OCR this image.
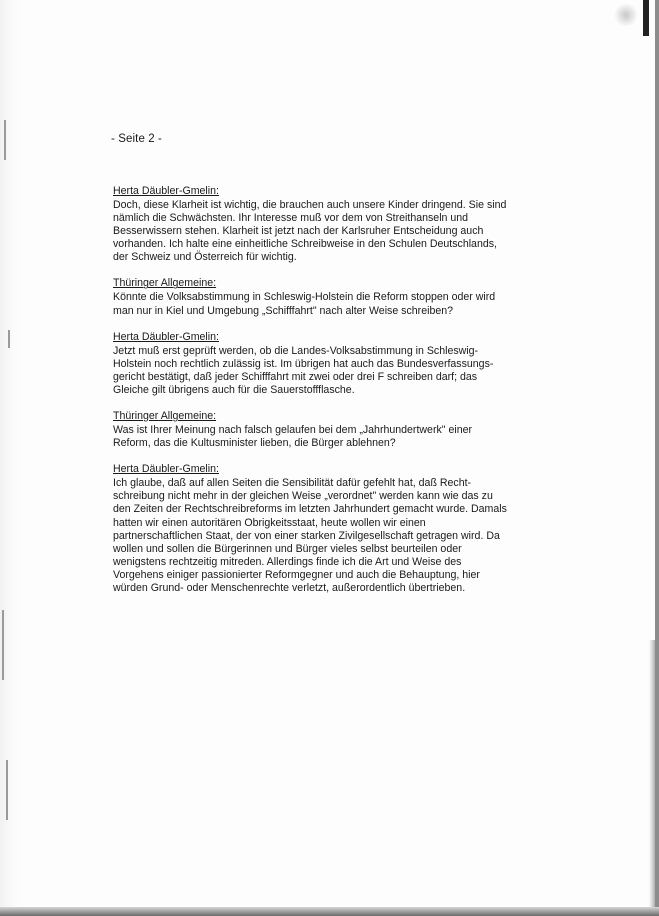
- Seite 2 -
Herta Däubler-Gmelin:
Doch, diese Klarheit ist wichtig, die brauchen auch unsere Kinder dringend. Sie sind
nämlich die Schwächsten. Ihr Interesse muß vor dem von Streithanseln und
Besserwissern stehen. Klarheit ist jetzt nach der Karlsruher Entscheidung auch
vorhanden. Ich halte eine einheitliche Schreibweise in den Schulen Deutschlands,
der Schweiz und Österreich für wichtig.
Thüringer Allgemeine:
Könnte die Volksabstimmung in Schleswig-Holstein die Reform stoppen oder wird
man nur in Kiel und Umgebung „Schifffahrt" nach alter Weise schreiben?
Herta Däubler-Gmelin:
Jetzt muß erst geprüft werden, ob die Landes-Volksabstimmung in Schleswig-
Holstein noch rechtlich zulässig ist. Im übrigen hat auch das Bundesverfassungs-
gericht bestätigt, daß jeder Schifffahrt mit zwei oder drei F schreiben darf; das
Gleiche gilt übrigens auch für die Sauerstoffflasche.
Thüringer Allgemeine:
Was ist Ihrer Meinung nach falsch gelaufen bei dem „Jahrhundertwerk" einer
Reform, das die Kultusminister lieben, die Bürger ablehnen?
Herta Däubler-Gmelin:
Ich glaube, daß auf allen Seiten die Sensibilität dafür gefehlt hat, daß Recht-
schreibung nicht mehr in der gleichen Weise „verordnet" werden kann wie das zu
den Zeiten der Rechtschreibreforms im letzten Jahrhundert gemacht wurde. Damals
hatten wir einen autoritären Obrigkeitsstaat, heute wollen wir einen
partnerschaftlichen Staat, der von einer starken Zivilgesellschaft getragen wird. Da
wollen und sollen die Bürgerinnen und Bürger vieles selbst beurteilen oder
wenigstens rechtzeitig mitreden. Allerdings finde ich die Art und Weise des
Vorgehens einiger passionierter Reformgegner und auch die Behauptung, hier
würden Grund- oder Menschenrechte verletzt, außerordentlich übertrieben.
